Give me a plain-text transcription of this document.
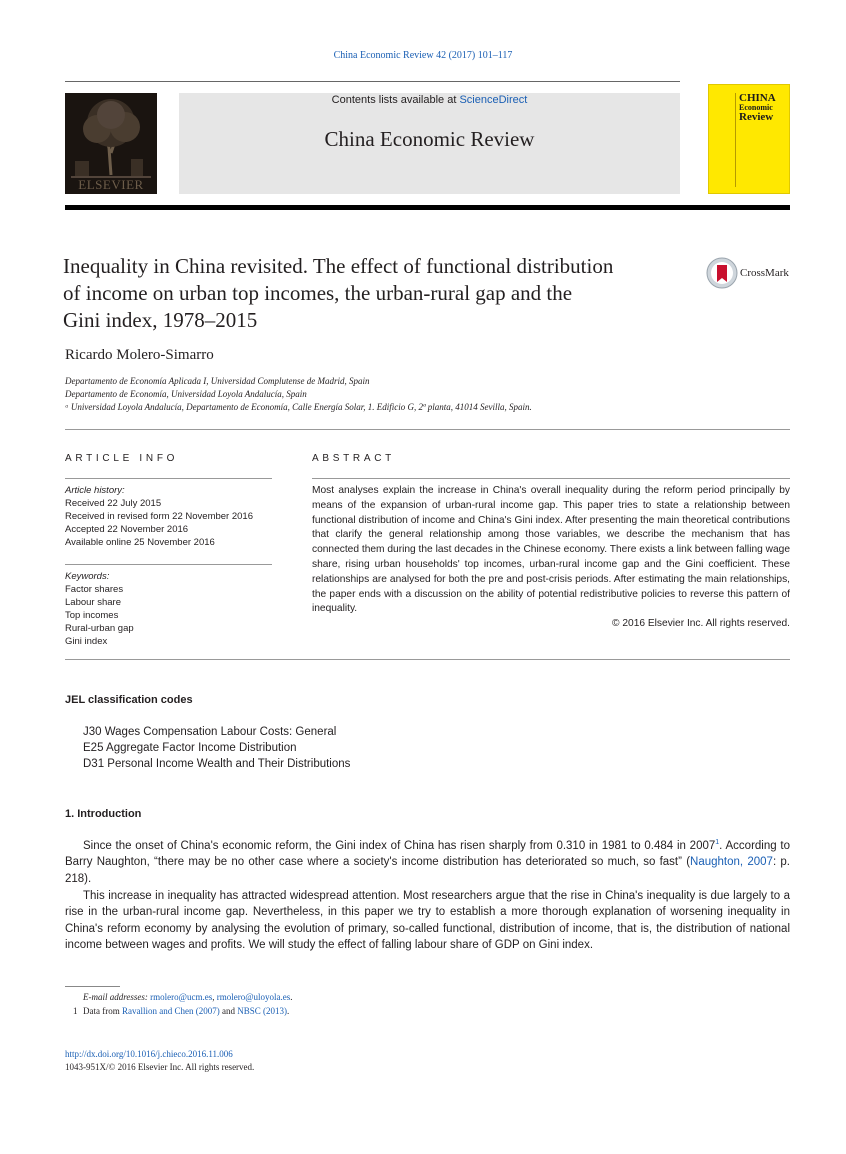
China Economic Review 42 (2017) 101–117
ELSEVIER
Contents lists available at ScienceDirect
China Economic Review
CHINA
Economic
Review
Inequality in China revisited. The effect of functional distribution
of income on urban top incomes, the urban-rural gap and the
Gini index, 1978–2015
CrossMark
Ricardo Molero-Simarro
Departamento de Economía Aplicada I, Universidad Complutense de Madrid, Spain
Departamento de Economía, Universidad Loyola Andalucía, Spain
ᵃ Universidad Loyola Andalucía, Departamento de Economía, Calle Energía Solar, 1. Edificio G, 2ª planta, 41014 Sevilla, Spain.
ARTICLE INFO	ABSTRACT
Article history:
Received 22 July 2015
Received in revised form 22 November 2016
Accepted 22 November 2016
Available online 25 November 2016
Keywords:
Factor shares
Labour share
Top incomes
Rural-urban gap
Gini index
Most analyses explain the increase in China's overall inequality during the reform period principally by means of the expansion of urban-rural income gap. This paper tries to state a relationship between functional distribution of income and China's Gini index. After presenting the main theoretical contributions that clarify the general relationship among those variables, we describe the mechanism that has connected them during the last decades in the Chinese economy. There exists a link between falling wage share, rising urban households' top incomes, urban-rural income gap and the Gini coefficient. These relationships are analysed for both the pre and post-crisis periods. After estimating the main relationships, the paper ends with a discussion on the ability of potential redistributive policies to reverse this pattern of inequality.
© 2016 Elsevier Inc. All rights reserved.
JEL classification codes
J30 Wages Compensation Labour Costs: General
E25 Aggregate Factor Income Distribution
D31 Personal Income Wealth and Their Distributions
1. Introduction
Since the onset of China's economic reform, the Gini index of China has risen sharply from 0.310 in 1981 to 0.484 in 2007$^1$. According to Barry Naughton, “there may be no other case where a society's income distribution has deteriorated so much, so fast” (Naughton, 2007: p. 218).
This increase in inequality has attracted widespread attention. Most researchers argue that the rise in China's inequality is due largely to a rise in the urban-rural income gap. Nevertheless, in this paper we try to establish a more thorough explanation of worsening inequality in China's reform economy by analysing the evolution of primary, so-called functional, distribution of income, that is, the distribution of national income between wages and profits. We will study the effect of falling labour share of GDP on Gini index.
E-mail addresses: rmolero@ucm.es, rmolero@uloyola.es.
1 Data from Ravallion and Chen (2007) and NBSC (2013).
http://dx.doi.org/10.1016/j.chieco.2016.11.006
1043-951X/© 2016 Elsevier Inc. All rights reserved.
